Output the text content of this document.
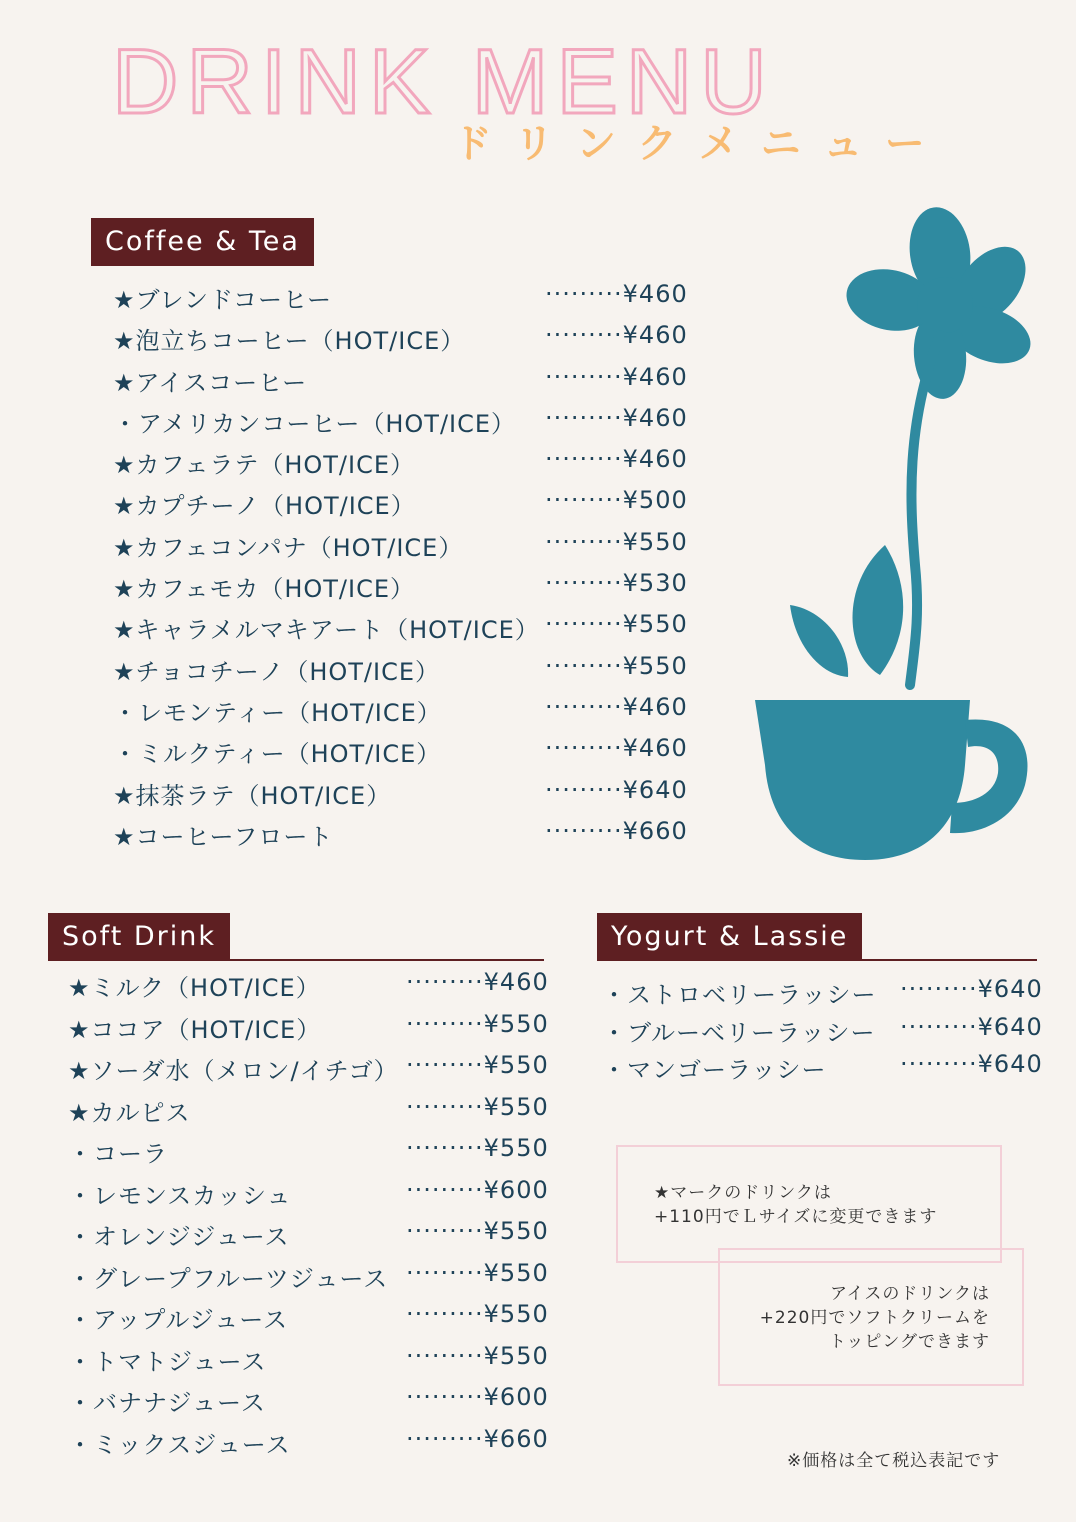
DRINK MENU
ドリンクメニュー
Coffee & Tea
★ブレンドコーヒー	·········¥460
★泡立ちコーヒー（HOT/ICE）	·········¥460
★アイスコーヒー	·········¥460
・アメリカンコーヒー（HOT/ICE） ·········¥460
★カフェラテ（HOT/ICE）	·········¥460
★カプチーノ（HOT/ICE）	·········¥500
★カフェコンパナ（HOT/ICE）	·········¥550
★カフェモカ（HOT/ICE）	·········¥530
★キャラメルマキアート（HOT/ICE） ·········¥550
★チョコチーノ（HOT/ICE）	·········¥550
・レモンティー（HOT/ICE）	·········¥460
・ミルクティー（HOT/ICE）	·········¥460
★抹茶ラテ（HOT/ICE）	·········¥640
★コーヒーフロート	·········¥660
Soft Drink
★ミルク（HOT/ICE）	·········¥460
★ココア（HOT/ICE）	·········¥550
★ソーダ水（メロン/イチゴ） ·········¥550
★カルピス	·········¥550
・コーラ	·········¥550
・レモンスカッシュ	·········¥600
・オレンジジュース	·········¥550
・グレープフルーツジュース ·········¥550
・アップルジュース	·········¥550
・トマトジュース	·········¥550
・バナナジュース	·········¥600
・ミックスジュース	·········¥660
Yogurt & Lassie
・ストロベリーラッシー ·········¥640
・ブルーベリーラッシー ·········¥640
・マンゴーラッシー	·········¥640
★マークのドリンクは
+110円でＬサイズに変更できます
アイスのドリンクは
+220円でソフトクリームを
トッピングできます
※価格は全て税込表記です
